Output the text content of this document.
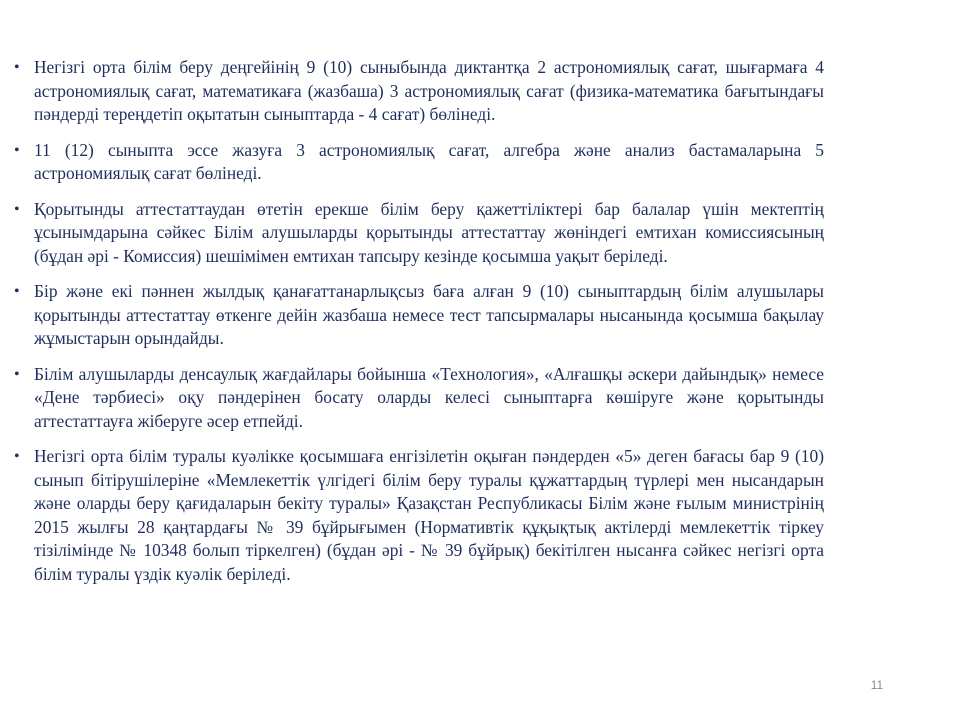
• Негізгі орта білім беру деңгейінің 9 (10) сыныбында диктантқа 2 астрономиялық сағат, шығармаға 4 астрономиялық сағат, математикаға (жазбаша) 3 астрономиялық сағат (физика-математика бағытындағы пәндерді тереңдетіп оқытатын сыныптарда - 4 сағат) бөлінеді.
• 11 (12) сыныпта эссе жазуға 3 астрономиялық сағат, алгебра және анализ бастамаларына 5 астрономиялық сағат бөлінеді.
• Қорытынды аттестаттаудан өтетін ерекше білім беру қажеттіліктері бар балалар үшін мектептің ұсынымдарына сәйкес Білім алушыларды қорытынды аттестаттау жөніндегі емтихан комиссиясының (бұдан әрі - Комиссия) шешімімен емтихан тапсыру кезінде қосымша уақыт беріледі.
• Бір және екі пәннен жылдық қанағаттанарлықсыз баға алған 9 (10) сыныптардың білім алушылары қорытынды аттестаттау өткенге дейін жазбаша немесе тест тапсырмалары нысанында қосымша бақылау жұмыстарын орындайды.
• Білім алушыларды денсаулық жағдайлары бойынша «Технология», «Алғашқы әскери дайындық» немесе «Дене тәрбиесі» оқу пәндерінен босату оларды келесі сыныптарға көшіруге және қорытынды аттестаттауға жіберуге әсер етпейді.
• Негізгі орта білім туралы куәлікке қосымшаға енгізілетін оқыған пәндерден «5» деген бағасы бар 9 (10) сынып бітірушілеріне «Мемлекеттік үлгідегі білім беру туралы құжаттардың түрлері мен нысандарын және оларды беру қағидаларын бекіту туралы» Қазақстан Республикасы Білім және ғылым министрінің 2015 жылғы 28 қаңтардағы № 39 бұйрығымен (Нормативтік құқықтық актілерді мемлекеттік тіркеу тізілімінде № 10348 болып тіркелген) (бұдан әрі - № 39 бұйрық) бекітілген нысанға сәйкес негізгі орта білім туралы үздік куәлік беріледі.
11
